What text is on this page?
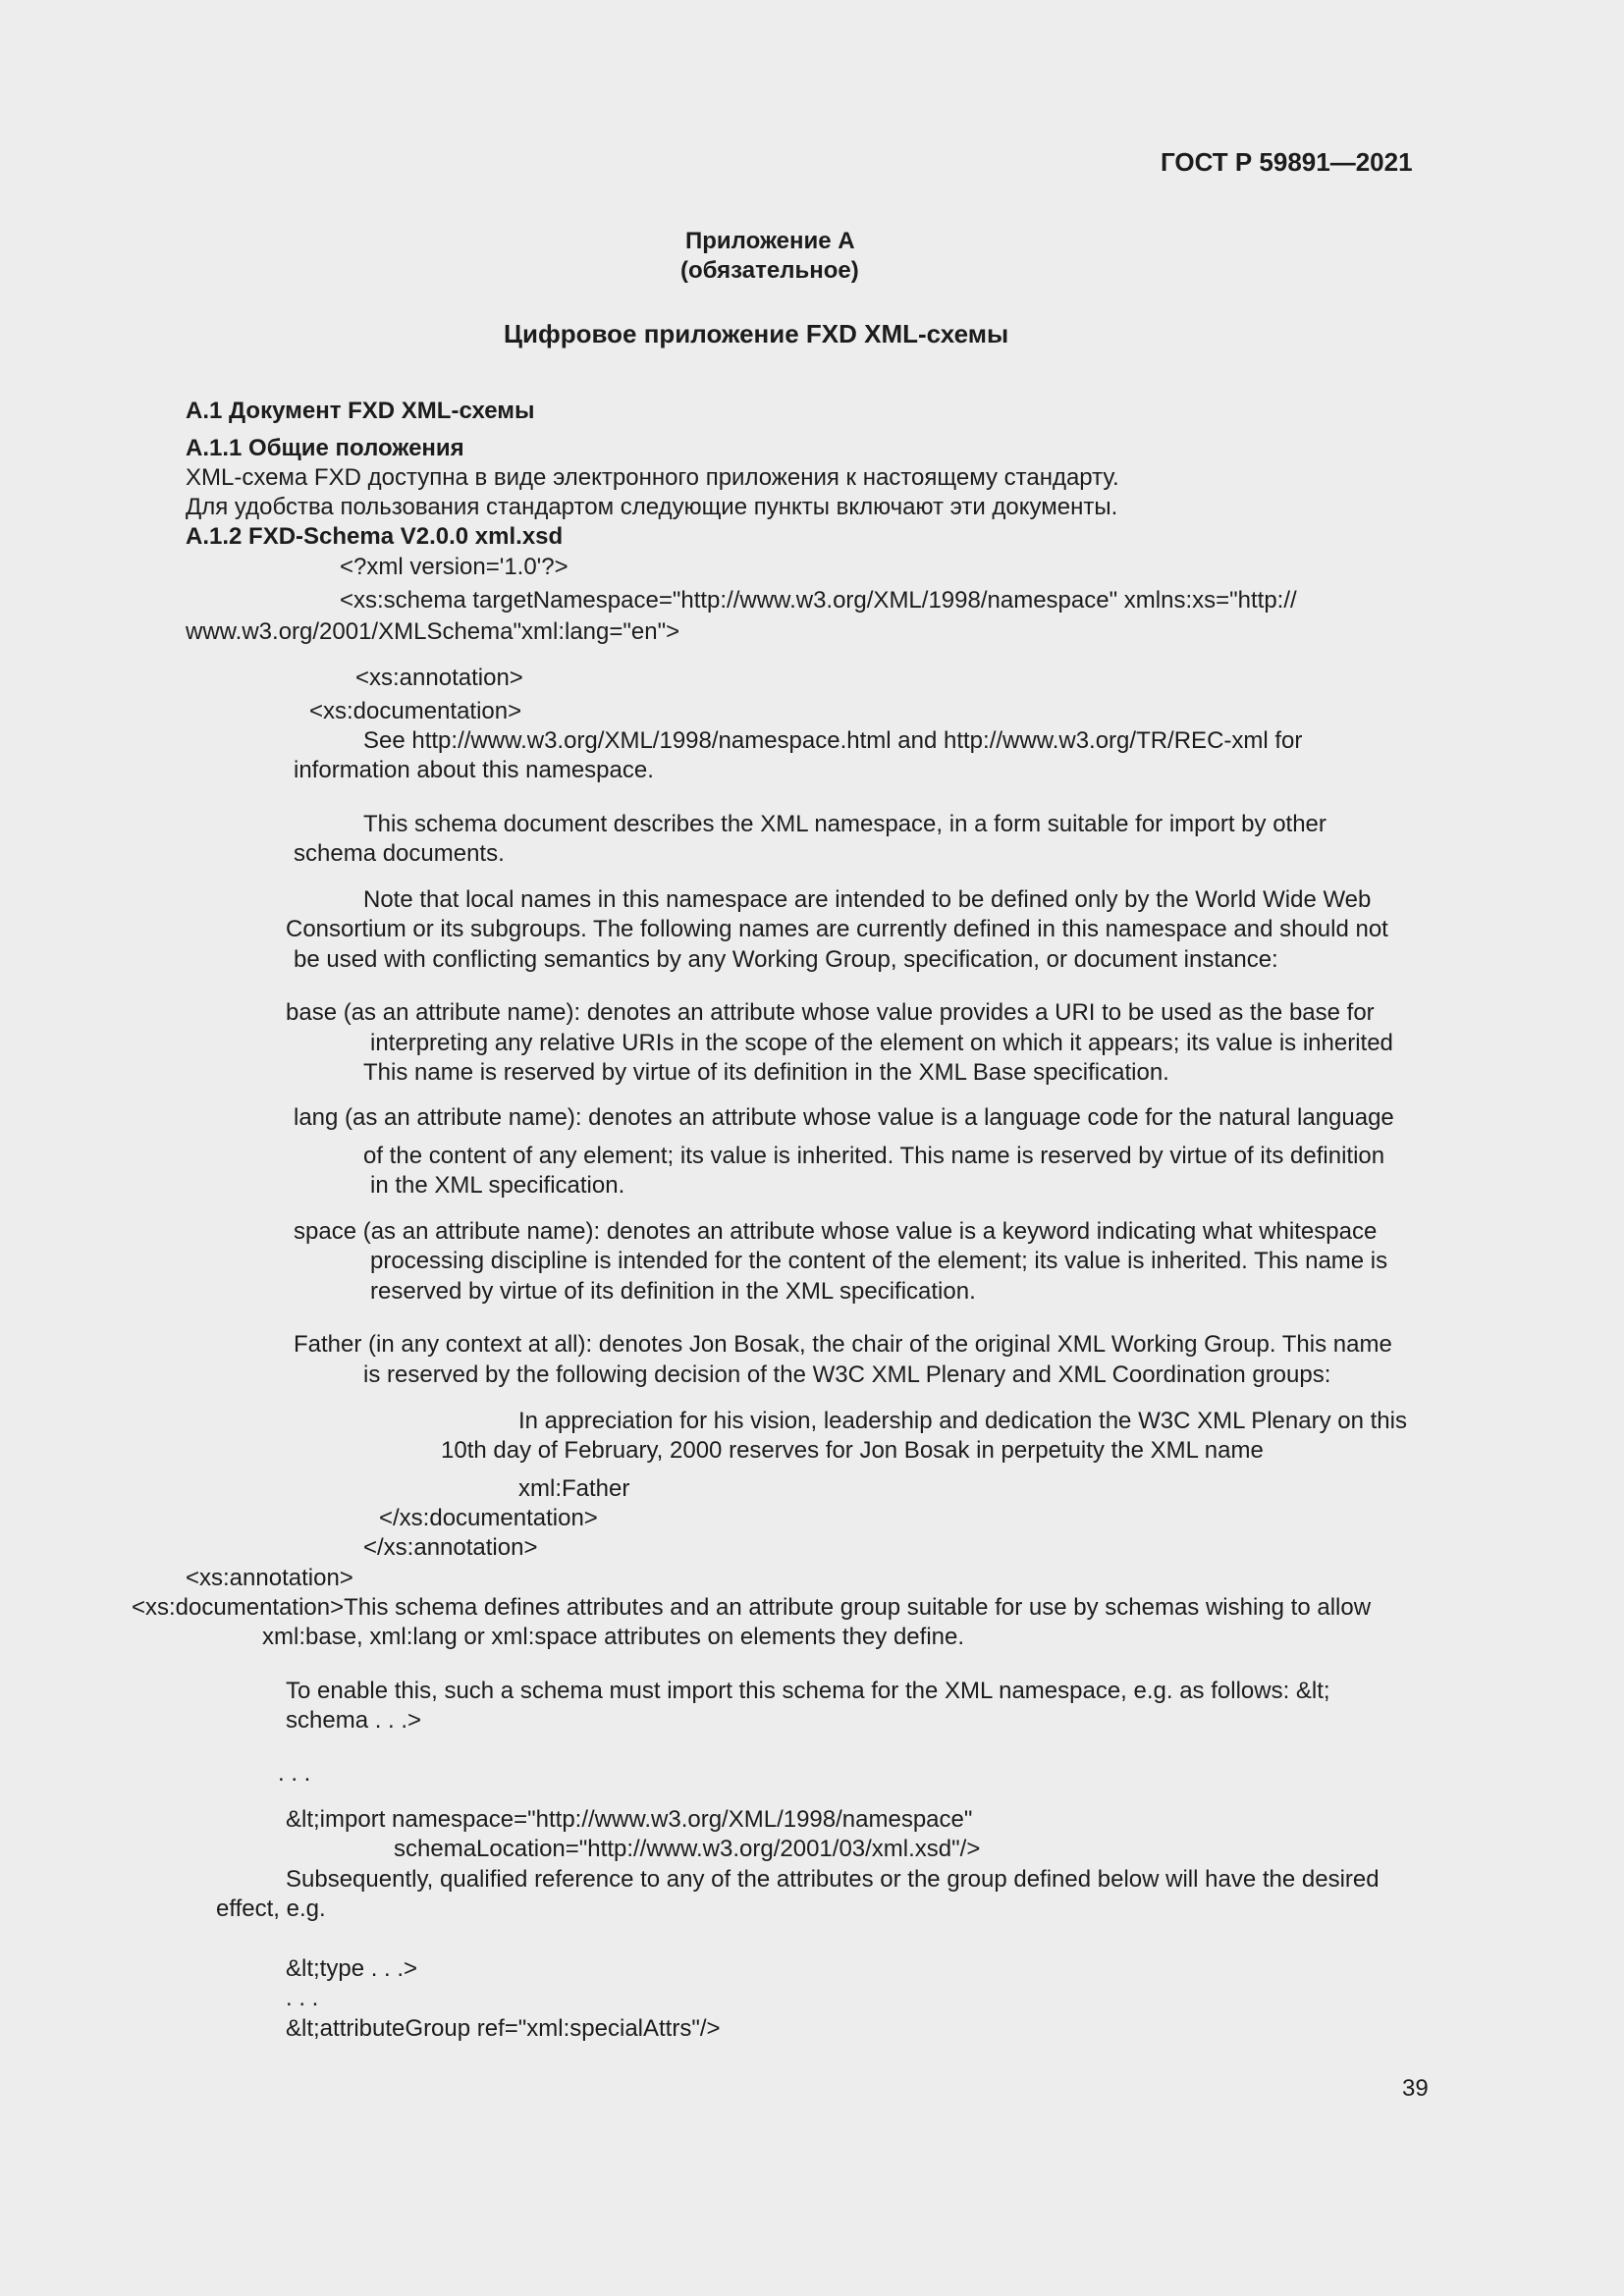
ГОСТ Р 59891—2021

Приложение А

(обязательное)

Цифровое приложение FXD XML-схемы

А.1 Документ FXD XML-схемы

А.1.1 Общие положения

XML-схема FXD доступна в виде электронного приложения к настоящему стандарту.

Для удобства пользования стандартом следующие пункты включают эти документы.

А.1.2 FXD-Schema V2.0.0 xml.xsd

<?xml version='1.0'?>

<xs:schema targetNamespace="http://www.w3.org/XML/1998/namespace" xmlns:xs="http://

www.w3.org/2001/XMLSchema"xml:lang="en">

<xs:annotation>

<xs:documentation>

See http://www.w3.org/XML/1998/namespace.html and http://www.w3.org/TR/REC-xml for

information about this namespace.

This schema document describes the XML namespace, in a form suitable for import by other

schema documents.

Note that local names in this namespace are intended to be defined only by the World Wide Web

Consortium or its subgroups. The following names are currently defined in this namespace and should not

be used with conflicting semantics by any Working Group, specification, or document instance:

base (as an attribute name): denotes an attribute whose value provides a URI to be used as the base for

interpreting any relative URIs in the scope of the element on which it appears; its value is inherited

This name is reserved by virtue of its definition in the XML Base specification.

lang (as an attribute name): denotes an attribute whose value is a language code for the natural language

of the content of any element; its value is inherited. This name is reserved by virtue of its definition

in the XML specification.

space (as an attribute name): denotes an attribute whose value is a keyword indicating what whitespace

processing discipline is intended for the content of the element; its value is inherited. This name is

reserved by virtue of its definition in the XML specification.

Father (in any context at all): denotes Jon Bosak, the chair of the original XML Working Group. This name

is reserved by the following decision of the W3C XML Plenary and XML Coordination groups:

In appreciation for his vision, leadership and dedication the W3C XML Plenary on this

10th day of February, 2000 reserves for Jon Bosak in perpetuity the XML name

xml:Father

</xs:documentation>

</xs:annotation>

<xs:annotation>

<xs:documentation>This schema defines attributes and an attribute group suitable for use by schemas wishing to allow

xml:base, xml:lang or xml:space attributes on elements they define.

To enable this, such a schema must import this schema for the XML namespace, e.g. as follows: &lt;

schema . . .>

. . .

&lt;import namespace="http://www.w3.org/XML/1998/namespace"

schemaLocation="http://www.w3.org/2001/03/xml.xsd"/>

Subsequently, qualified reference to any of the attributes or the group defined below will have the desired

effect, e.g.

&lt;type . . .>

. . .

&lt;attributeGroup ref="xml:specialAttrs"/>

39
